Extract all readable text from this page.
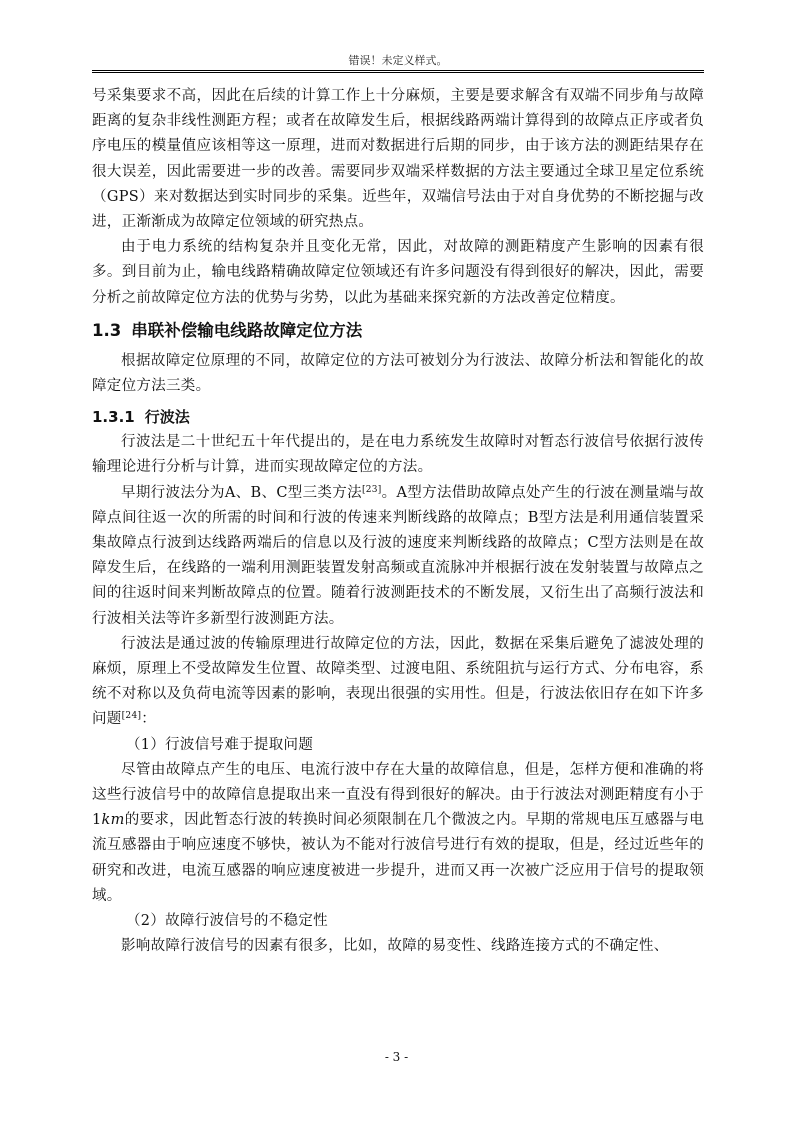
错误！未定义样式。

号采集要求不高，因此在后续的计算工作上十分麻烦，主要是要求解含有双端不同步角与故障距离的复杂非线性测距方程；或者在故障发生后，根据线路两端计算得到的故障点正序或者负序电压的模量值应该相等这一原理，进而对数据进行后期的同步，由于该方法的测距结果存在很大误差，因此需要进一步的改善。需要同步双端采样数据的方法主要通过全球卫星定位系统（GPS）来对数据达到实时同步的采集。近些年，双端信号法由于对自身优势的不断挖掘与改进，正渐渐成为故障定位领域的研究热点。

由于电力系统的结构复杂并且变化无常，因此，对故障的测距精度产生影响的因素有很多。到目前为止，输电线路精确故障定位领域还有许多问题没有得到很好的解决，因此，需要分析之前故障定位方法的优势与劣势，以此为基础来探究新的方法改善定位精度。

1.3 串联补偿输电线路故障定位方法

根据故障定位原理的不同，故障定位的方法可被划分为行波法、故障分析法和智能化的故障定位方法三类。

1.3.1 行波法

行波法是二十世纪五十年代提出的，是在电力系统发生故障时对暂态行波信号依据行波传输理论进行分析与计算，进而实现故障定位的方法。

早期行波法分为A、B、C型三类方法[23]。A型方法借助故障点处产生的行波在测量端与故障点间往返一次的所需的时间和行波的传速来判断线路的故障点；B型方法是利用通信装置采集故障点行波到达线路两端后的信息以及行波的速度来判断线路的故障点；C型方法则是在故障发生后，在线路的一端利用测距装置发射高频或直流脉冲并根据行波在发射装置与故障点之间的往返时间来判断故障点的位置。随着行波测距技术的不断发展，又衍生出了高频行波法和行波相关法等许多新型行波测距方法。

行波法是通过波的传输原理进行故障定位的方法，因此，数据在采集后避免了滤波处理的麻烦，原理上不受故障发生位置、故障类型、过渡电阻、系统阻抗与运行方式、分布电容，系统不对称以及负荷电流等因素的影响，表现出很强的实用性。但是，行波法依旧存在如下许多问题[24]：

（1）行波信号难于提取问题

尽管由故障点产生的电压、电流行波中存在大量的故障信息，但是，怎样方便和准确的将这些行波信号中的故障信息提取出来一直没有得到很好的解决。由于行波法对测距精度有小于1km的要求，因此暂态行波的转换时间必须限制在几个微波之内。早期的常规电压互感器与电流互感器由于响应速度不够快，被认为不能对行波信号进行有效的提取，但是，经过近些年的研究和改进，电流互感器的响应速度被进一步提升，进而又再一次被广泛应用于信号的提取领域。

（2）故障行波信号的不稳定性

影响故障行波信号的因素有很多，比如，故障的易变性、线路连接方式的不确定性、

- 3 -
